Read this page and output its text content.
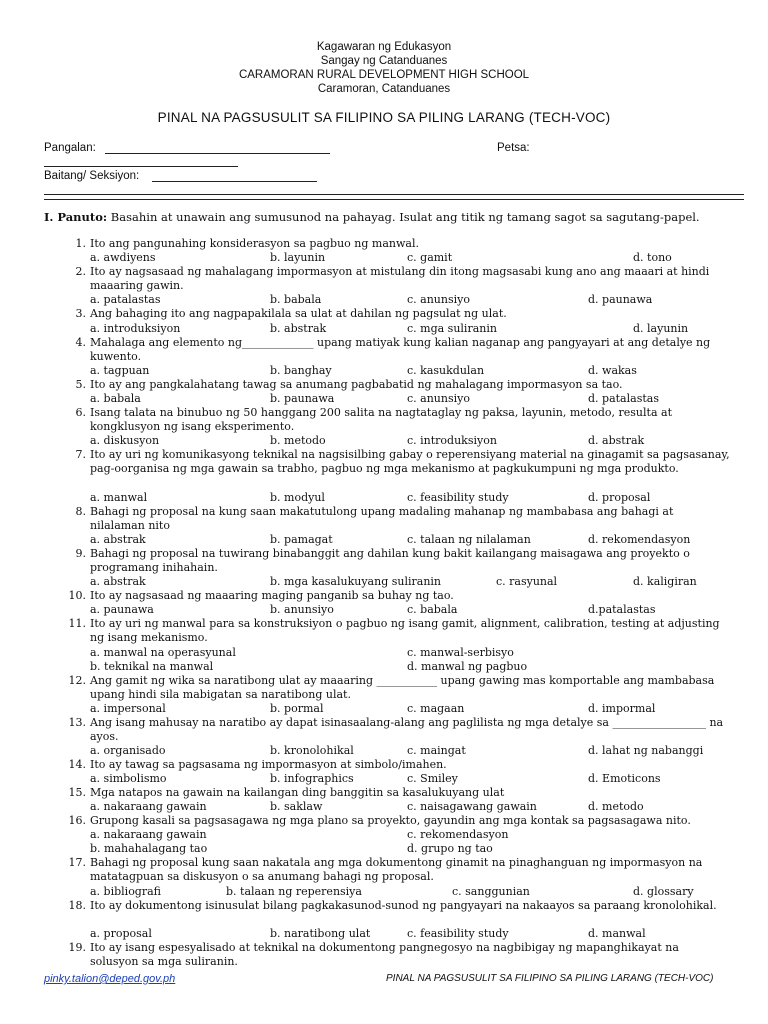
Kagawaran ng Edukasyon
Sangay ng Catanduanes
CARAMORAN RURAL DEVELOPMENT HIGH SCHOOL
Caramoran, Catanduanes
PINAL NA PAGSUSULIT SA FILIPINO SA PILING LARANG (TECH-VOC)
Pangalan:	Petsa:
Baitang/ Seksiyon:
I. Panuto: Basahin at unawain ang sumusunod na pahayag. Isulat ang titik ng tamang sagot sa sagutang-papel.
1. Ito ang pangunahing konsiderasyon sa pagbuo ng manwal.
a. awdiyens	b. layunin	c. gamit	d. tono
2. Ito ay nagsasaad ng mahalagang impormasyon at mistulang din itong magsasabi kung ano ang maaari at hindi maaaring gawin.
a. patalastas	b. babala	c. anunsiyo	d. paunawa
3. Ang bahaging ito ang nagpapakilala sa ulat at dahilan ng pagsulat ng ulat.
a. introduksiyon	b. abstrak	c. mga suliranin	d. layunin
4. Mahalaga ang elemento ng_____________ upang matiyak kung kalian naganap ang pangyayari at ang detalye ng kuwento.
a. tagpuan	b. banghay	c. kasukdulan	d. wakas
5. Ito ay ang pangkalahatang tawag sa anumang pagbabatid ng mahalagang impormasyon sa tao.
a. babala	b. paunawa	c. anunsiyo	d. patalastas
6. Isang talata na binubuo ng 50 hanggang 200 salita na nagtataglay ng paksa, layunin, metodo, resulta at kongklusyon ng isang eksperimento.
a. diskusyon	b. metodo	c. introduksiyon	d. abstrak
7. Ito ay uri ng komunikasyong teknikal na nagsisilbing gabay o reperensiyang material na ginagamit sa pagsasanay, pag-oorganisa ng mga gawain sa trabho, pagbuo ng mga mekanismo at pagkukumpuni ng mga produkto.
a. manwal	b. modyul	c. feasibility study	d. proposal
8. Bahagi ng proposal na kung saan makatutulong upang madaling mahanap ng mambabasa ang bahagi at nilalaman nito
a. abstrak	b. pamagat	c. talaan ng nilalaman	d. rekomendasyon
9. Bahagi ng proposal na tuwirang binabanggit ang dahilan kung bakit kailangang maisagawa ang proyekto o programang inihahain.
a. abstrak	b. mga kasalukuyang suliranin	c. rasyunal	d. kaligiran
10. Ito ay nagsasaad ng maaaring maging panganib sa buhay ng tao.
a. paunawa	b. anunsiyo	c. babala	d.patalastas
11. Ito ay uri ng manwal para sa konstruksiyon o pagbuo ng isang gamit, alignment, calibration, testing at adjusting ng isang mekanismo.
a. manwal na operasyunal	c. manwal-serbisyo
b. teknikal na manwal	d. manwal ng pagbuo
12. Ang gamit ng wika sa naratibong ulat ay maaaring ___________ upang gawing mas komportable ang mambabasa upang hindi sila mabigatan sa naratibong ulat.
a. impersonal	b. pormal	c. magaan	d. impormal
13. Ang isang mahusay na naratibo ay dapat isinasaalang-alang ang paglilista ng mga detalye sa _________________ na ayos.
a. organisado	b. kronolohikal	c. maingat	d. lahat ng nabanggi
14. Ito ay tawag sa pagsasama ng impormasyon at simbolo/imahen.
a. simbolismo	b. infographics	c. Smiley	d. Emoticons
15. Mga natapos na gawain na kailangan ding banggitin sa kasalukuyang ulat
a. nakaraang gawain	b. saklaw	c. naisagawang gawain	d. metodo
16. Grupong kasali sa pagsasagawa ng mga plano sa proyekto, gayundin ang mga kontak sa pagsasagawa nito.
a. nakaraang gawain	c. rekomendasyon
b. mahahalagang tao	d. grupo ng tao
17. Bahagi ng proposal kung saan nakatala ang mga dokumentong ginamit na pinaghanguan ng impormasyon na matatagpuan sa diskusyon o sa anumang bahagi ng proposal.
a. bibliografi	b. talaan ng reperensiya	c. sanggunian	d. glossary
18. Ito ay dokumentong isinusulat bilang pagkakasunod-sunod ng pangyayari na nakaayos sa paraang kronolohikal.
a. proposal	b. naratibong ulat	c. feasibility study	d. manwal
19. Ito ay isang espesyalisado at teknikal na dokumentong pangnegosyo na nagbibigay ng mapanghikayat na solusyon sa mga suliranin.
pinky.talion@deped.gov.ph	PINAL NA PAGSUSULIT SA FILIPINO SA PILING LARANG (TECH-VOC)
